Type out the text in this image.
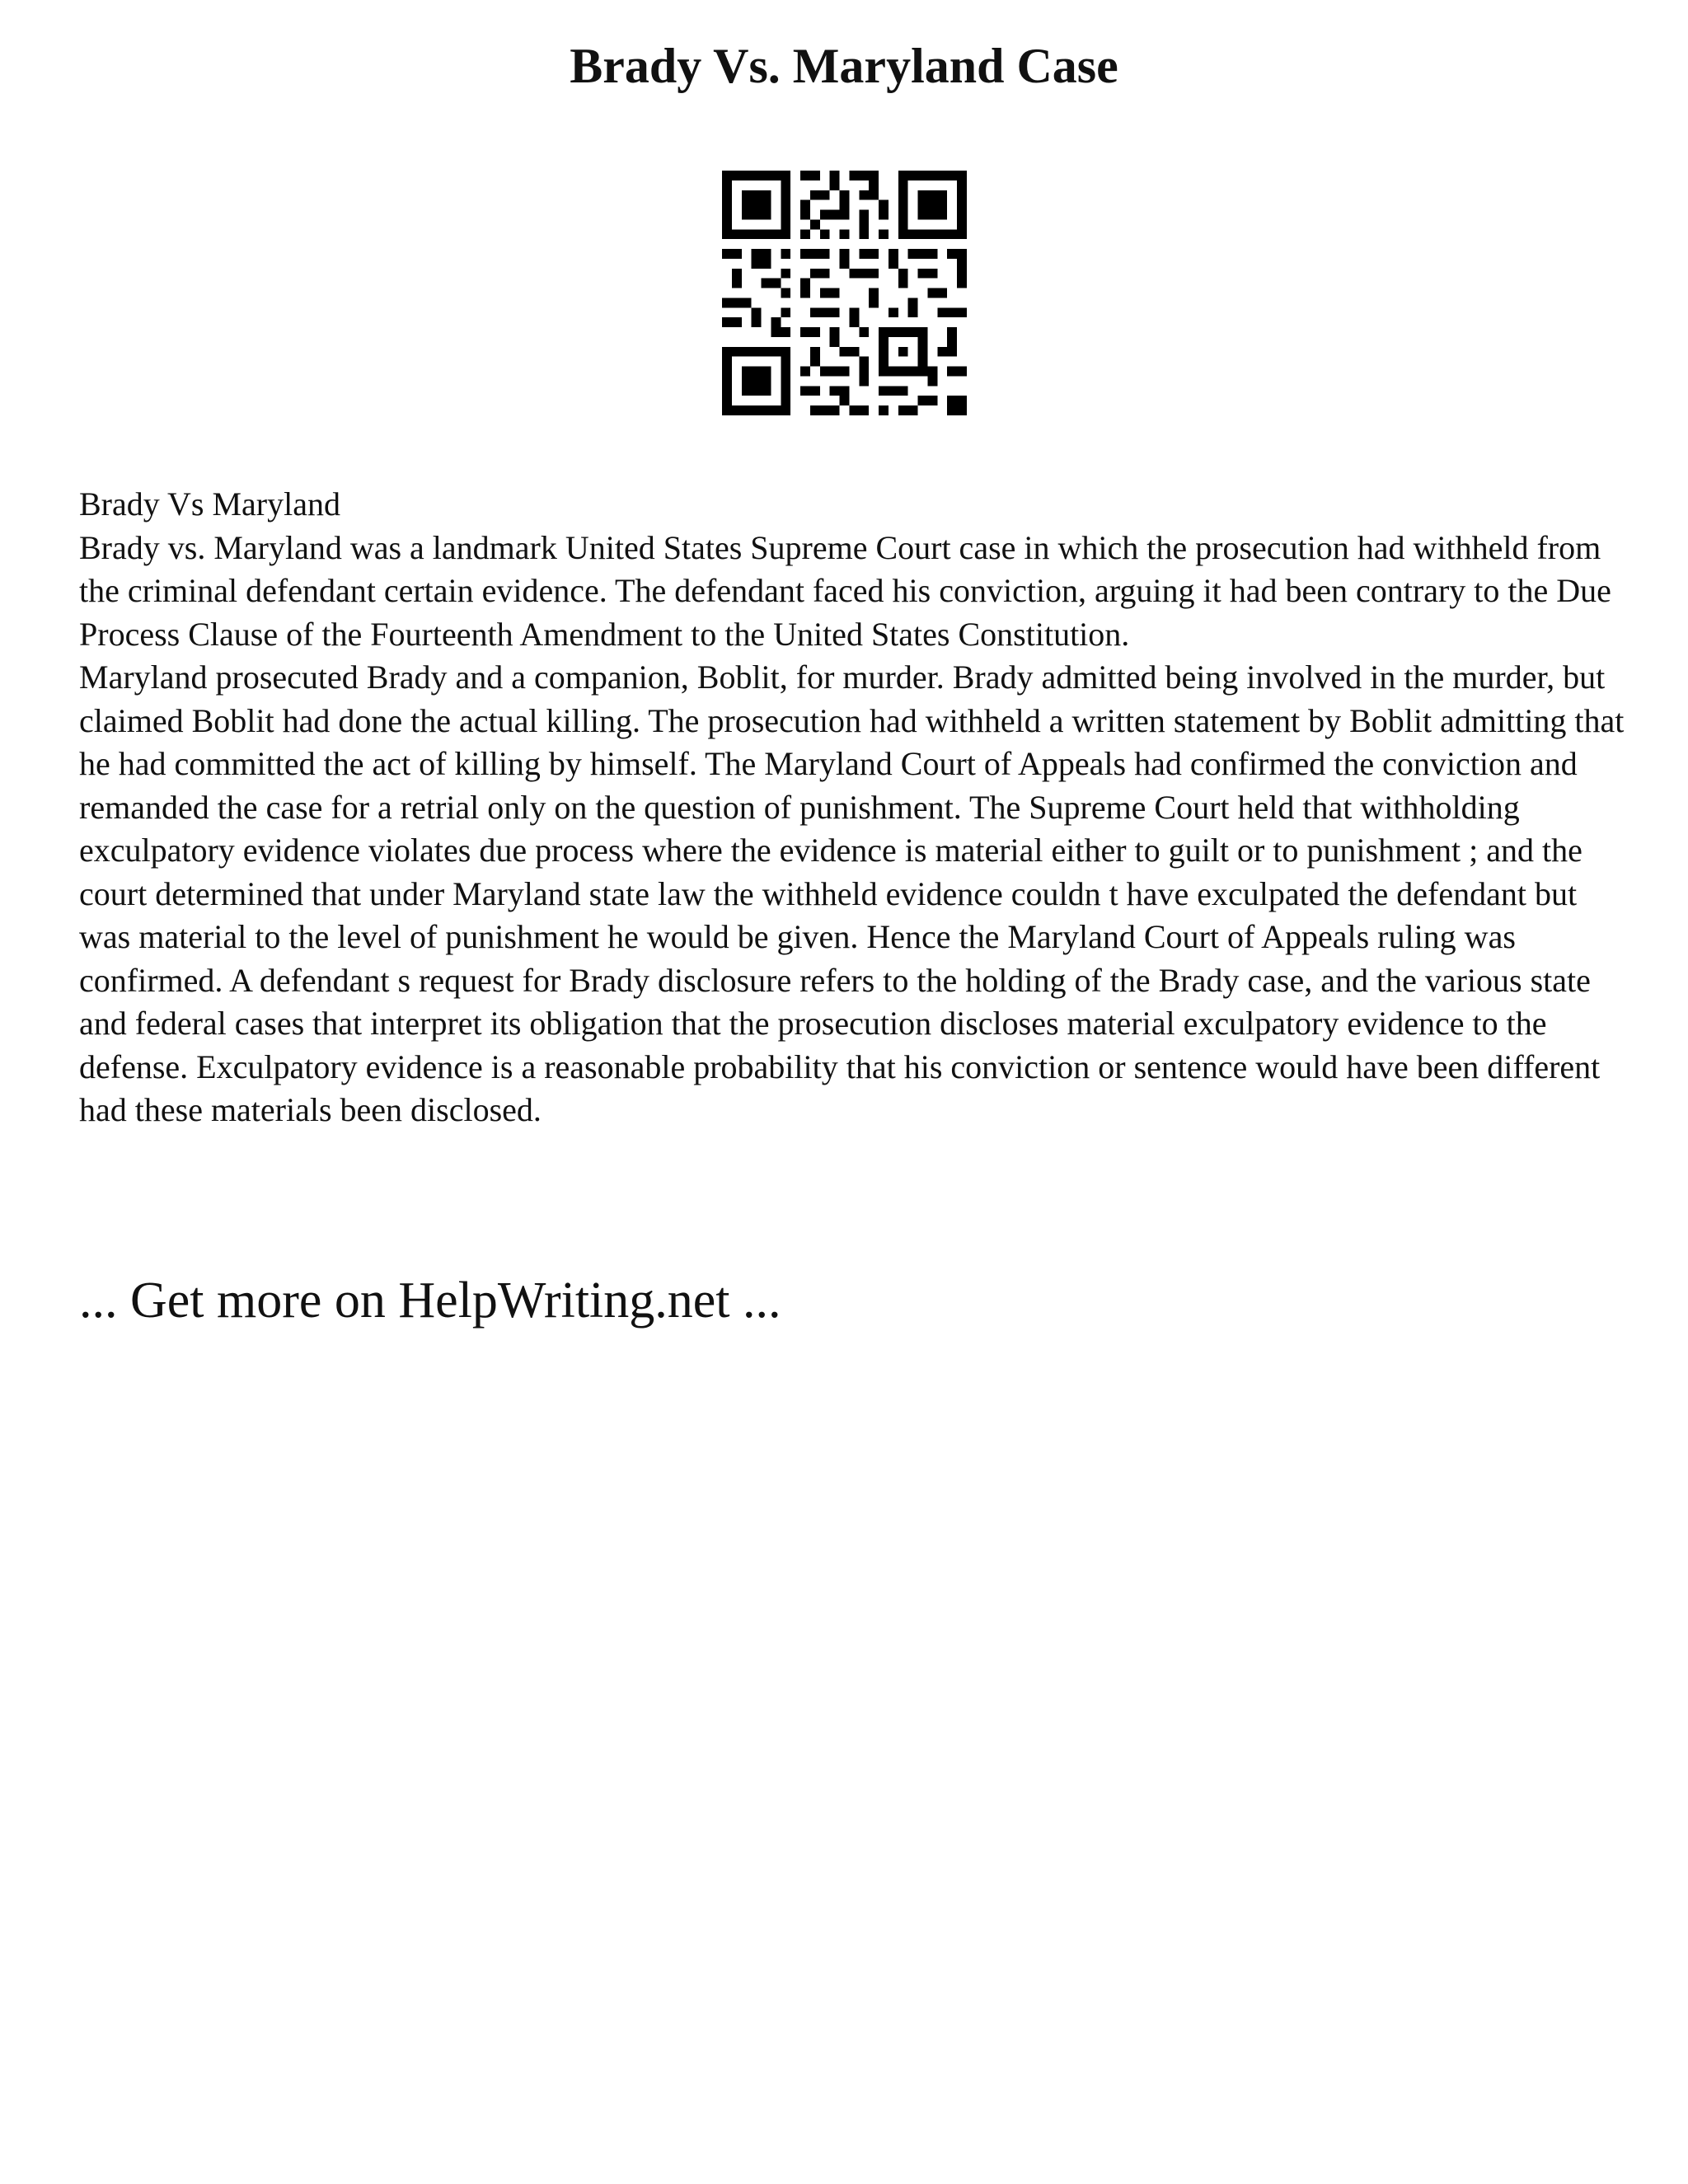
Brady Vs. Maryland Case

Brady Vs Maryland

Brady vs. Maryland was a landmark United States Supreme Court case in which the prosecution had withheld from the criminal defendant certain evidence. The defendant faced his conviction, arguing it had been contrary to the Due Process Clause of the Fourteenth Amendment to the United States Constitution.

Maryland prosecuted Brady and a companion, Boblit, for murder. Brady admitted being involved in the murder, but claimed Boblit had done the actual killing. The prosecution had withheld a written statement by Boblit admitting that he had committed the act of killing by himself. The Maryland Court of Appeals had confirmed the conviction and remanded the case for a retrial only on the question of punishment. The Supreme Court held that withholding exculpatory evidence violates due process where the evidence is material either to guilt or to punishment ; and the court determined that under Maryland state law the withheld evidence couldn t have exculpated the defendant but was material to the level of punishment he would be given. Hence the Maryland Court of Appeals ruling was confirmed. A defendant s request for Brady disclosure refers to the holding of the Brady case, and the various state and federal cases that interpret its obligation that the prosecution discloses material exculpatory evidence to the defense. Exculpatory evidence is a reasonable probability that his conviction or sentence would have been different had these materials been disclosed.

... Get more on HelpWriting.net ...
